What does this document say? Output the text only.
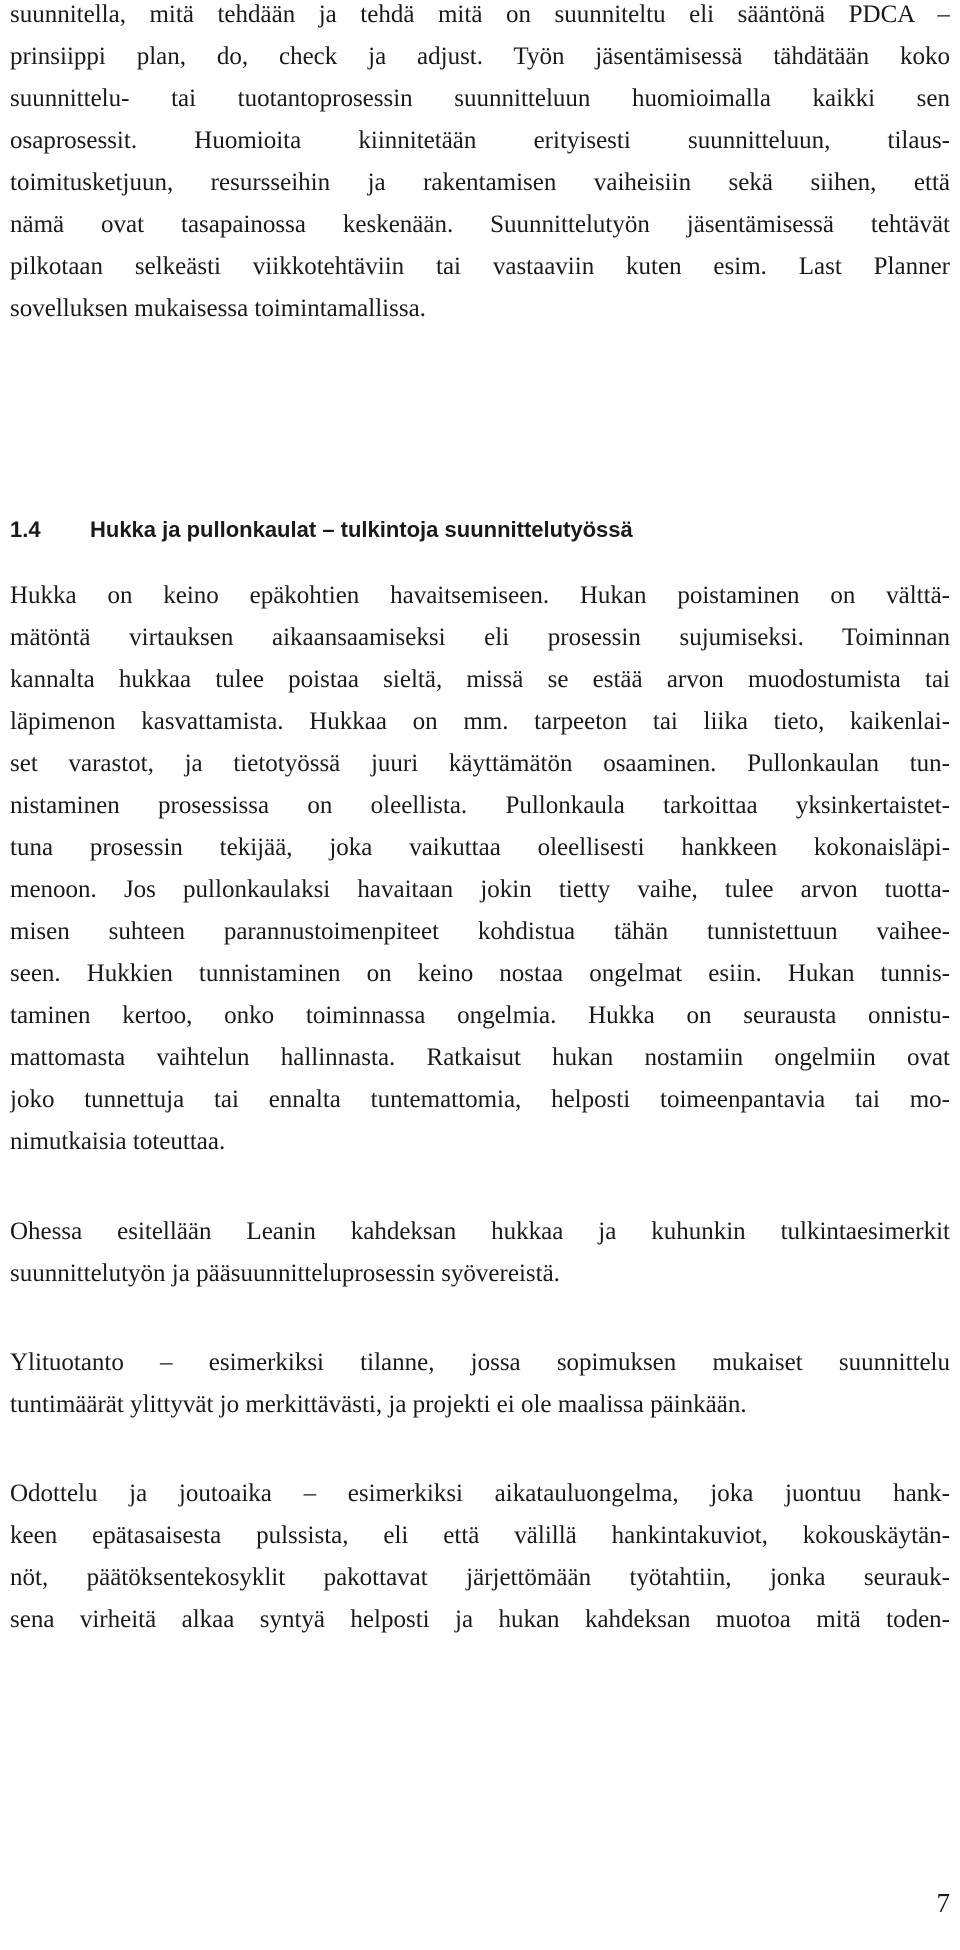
suunnitella, mitä tehdään ja tehdä mitä on suunniteltu eli sääntönä PDCA –
prinsiippi plan, do, check ja adjust. Työn jäsentämisessä tähdätään koko
suunnittelu- tai tuotantoprosessin suunnitteluun huomioimalla kaikki sen
osaprosessit. Huomioita kiinnitetään erityisesti suunnitteluun, tilaus-
toimitusketjuun, resursseihin ja rakentamisen vaiheisiin sekä siihen, että
nämä ovat tasapainossa keskenään. Suunnittelutyön jäsentämisessä tehtävät
pilkotaan selkeästi viikkotehtäviin tai vastaaviin kuten esim. Last Planner
sovelluksen mukaisessa toimintamallissa.
1.4 Hukka ja pullonkaulat – tulkintoja suunnittelutyössä
Hukka on keino epäkohtien havaitsemiseen. Hukan poistaminen on välttä-
mätöntä virtauksen aikaansaamiseksi eli prosessin sujumiseksi. Toiminnan
kannalta hukkaa tulee poistaa sieltä, missä se estää arvon muodostumista tai
läpimenon kasvattamista. Hukkaa on mm. tarpeeton tai liika tieto, kaikenlai-
set varastot, ja tietotyössä juuri käyttämätön osaaminen. Pullonkaulan tun-
nistaminen prosessissa on oleellista. Pullonkaula tarkoittaa yksinkertaistet-
tuna prosessin tekijää, joka vaikuttaa oleellisesti hankkeen kokonaisläpi-
menoon. Jos pullonkaulaksi havaitaan jokin tietty vaihe, tulee arvon tuotta-
misen suhteen parannustoimenpiteet kohdistua tähän tunnistettuun vaihee-
seen. Hukkien tunnistaminen on keino nostaa ongelmat esiin. Hukan tunnis-
taminen kertoo, onko toiminnassa ongelmia. Hukka on seurausta onnistu-
mattomasta vaihtelun hallinnasta. Ratkaisut hukan nostamiin ongelmiin ovat
joko tunnettuja tai ennalta tuntemattomia, helposti toimeenpantavia tai mo-
nimutkaisia toteuttaa.
Ohessa esitellään Leanin kahdeksan hukkaa ja kuhunkin tulkintaesimerkit
suunnittelutyön ja pääsuunnitteluprosessin syövereistä.
Ylituotanto – esimerkiksi tilanne, jossa sopimuksen mukaiset suunnittelu
tuntimäärät ylittyvät jo merkittävästi, ja projekti ei ole maalissa päinkään.
Odottelu ja joutoaika – esimerkiksi aikatauluongelma, joka juontuu hank-
keen epätasaisesta pulssista, eli että välillä hankintakuviot, kokouskäytän-
nöt, päätöksentekosyklit pakottavat järjettömään työtahtiin, jonka seurauk-
sena virheitä alkaa syntyä helposti ja hukan kahdeksan muotoa mitä toden-
7
